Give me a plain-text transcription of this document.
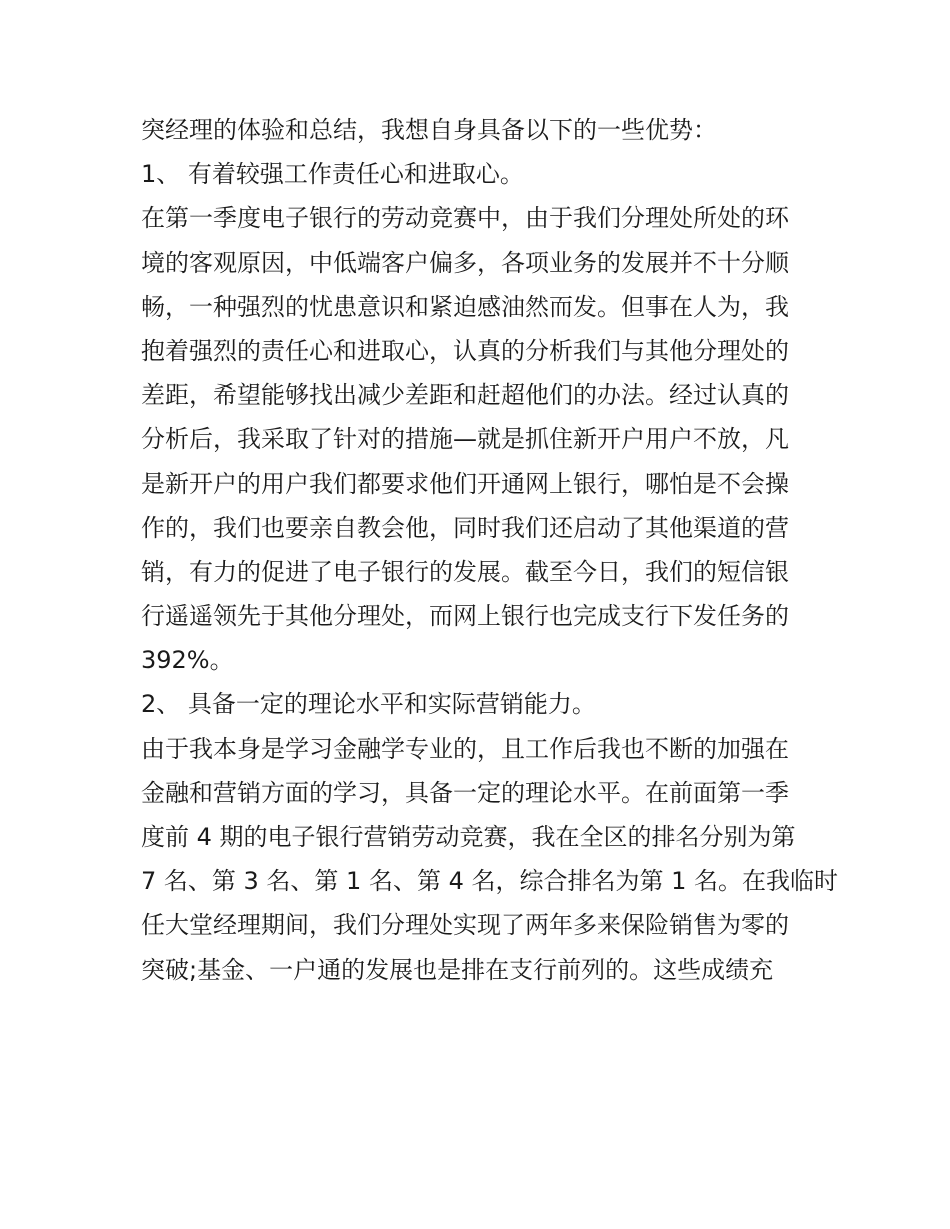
突经理的体验和总结，我想自身具备以下的一些优势：
1、 有着较强工作责任心和进取心。
在第一季度电子银行的劳动竞赛中，由于我们分理处所处的环
境的客观原因，中低端客户偏多，各项业务的发展并不十分顺
畅，一种强烈的忧患意识和紧迫感油然而发。但事在人为，我
抱着强烈的责任心和进取心，认真的分析我们与其他分理处的
差距，希望能够找出减少差距和赶超他们的办法。经过认真的
分析后，我采取了针对的措施—就是抓住新开户用户不放，凡
是新开户的用户我们都要求他们开通网上银行，哪怕是不会操
作的，我们也要亲自教会他，同时我们还启动了其他渠道的营
销，有力的促进了电子银行的发展。截至今日，我们的短信银
行遥遥领先于其他分理处，而网上银行也完成支行下发任务的
392%。
2、 具备一定的理论水平和实际营销能力。
由于我本身是学习金融学专业的，且工作后我也不断的加强在
金融和营销方面的学习，具备一定的理论水平。在前面第一季
度前 4 期的电子银行营销劳动竞赛，我在全区的排名分别为第
7 名、第 3 名、第 1 名、第 4 名，综合排名为第 1 名。在我临时
任大堂经理期间，我们分理处实现了两年多来保险销售为零的
突破;基金、一户通的发展也是排在支行前列的。这些成绩充
